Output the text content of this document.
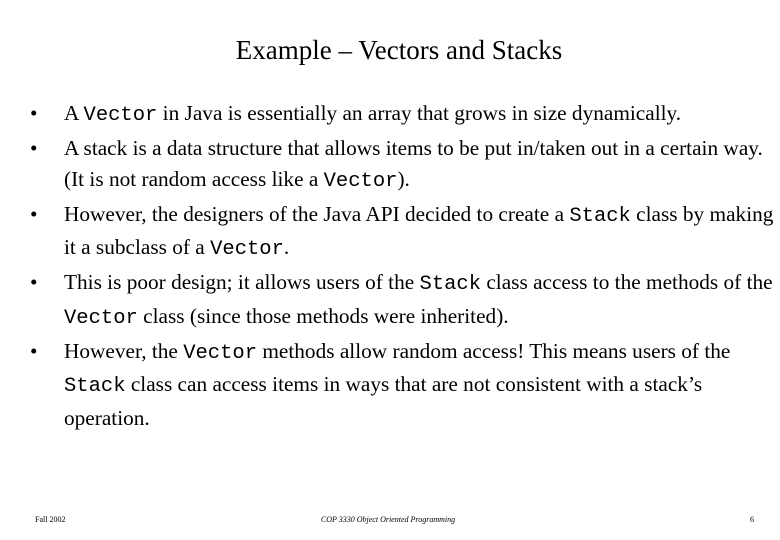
Example – Vectors and Stacks
• A Vector in Java is essentially an array that grows in size dynamically.
• A stack is a data structure that allows items to be put in/taken out in a certain way. (It is not random access like a Vector).
• However, the designers of the Java API decided to create a Stack class by making it a subclass of a Vector.
• This is poor design; it allows users of the Stack class access to the methods of the Vector class (since those methods were inherited).
• However, the Vector methods allow random access! This means users of the Stack class can access items in ways that are not consistent with a stack’s operation.
Fall 2002	COP 3330 Object Oriented Programming	6
